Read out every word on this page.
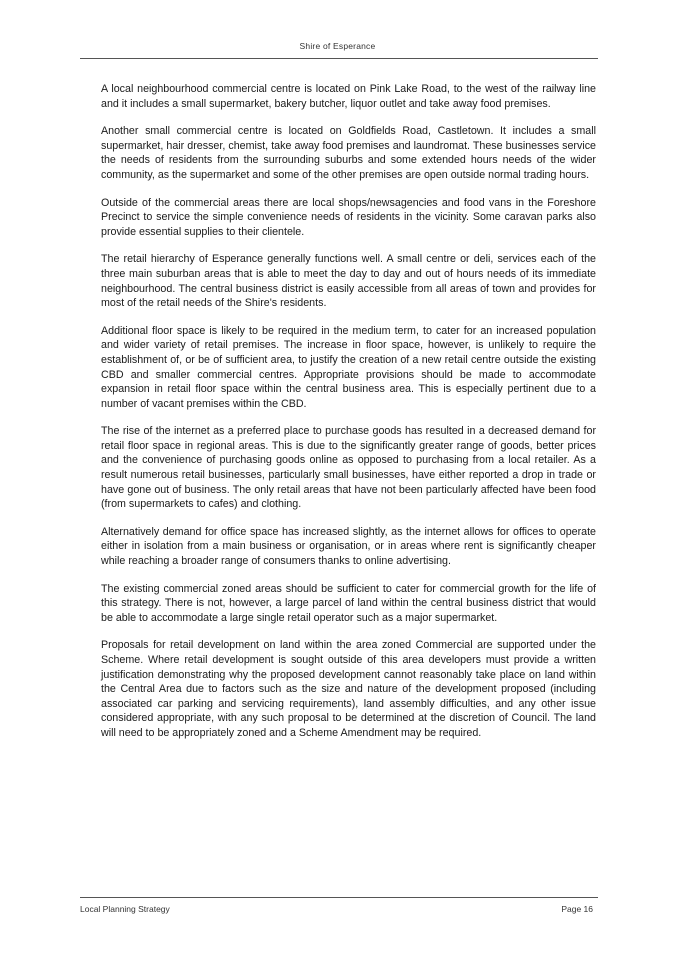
Shire of Esperance

A local neighbourhood commercial centre is located on Pink Lake Road, to the west of the railway line and it includes a small supermarket, bakery butcher, liquor outlet and take away food premises.

Another small commercial centre is located on Goldfields Road, Castletown. It includes a small supermarket, hair dresser, chemist, take away food premises and laundromat. These businesses service the needs of residents from the surrounding suburbs and some extended hours needs of the wider community, as the supermarket and some of the other premises are open outside normal trading hours.

Outside of the commercial areas there are local shops/newsagencies and food vans in the Foreshore Precinct to service the simple convenience needs of residents in the vicinity. Some caravan parks also provide essential supplies to their clientele.

The retail hierarchy of Esperance generally functions well. A small centre or deli, services each of the three main suburban areas that is able to meet the day to day and out of hours needs of its immediate neighbourhood. The central business district is easily accessible from all areas of town and provides for most of the retail needs of the Shire's residents.

Additional floor space is likely to be required in the medium term, to cater for an increased population and wider variety of retail premises. The increase in floor space, however, is unlikely to require the establishment of, or be of sufficient area, to justify the creation of a new retail centre outside the existing CBD and smaller commercial centres. Appropriate provisions should be made to accommodate expansion in retail floor space within the central business area. This is especially pertinent due to a number of vacant premises within the CBD.

The rise of the internet as a preferred place to purchase goods has resulted in a decreased demand for retail floor space in regional areas. This is due to the significantly greater range of goods, better prices and the convenience of purchasing goods online as opposed to purchasing from a local retailer. As a result numerous retail businesses, particularly small businesses, have either reported a drop in trade or have gone out of business. The only retail areas that have not been particularly affected have been food (from supermarkets to cafes) and clothing.

Alternatively demand for office space has increased slightly, as the internet allows for offices to operate either in isolation from a main business or organisation, or in areas where rent is significantly cheaper while reaching a broader range of consumers thanks to online advertising.

The existing commercial zoned areas should be sufficient to cater for commercial growth for the life of this strategy. There is not, however, a large parcel of land within the central business district that would be able to accommodate a large single retail operator such as a major supermarket.

Proposals for retail development on land within the area zoned Commercial are supported under the Scheme. Where retail development is sought outside of this area developers must provide a written justification demonstrating why the proposed development cannot reasonably take place on land within the Central Area due to factors such as the size and nature of the development proposed (including associated car parking and servicing requirements), land assembly difficulties, and any other issue considered appropriate, with any such proposal to be determined at the discretion of Council. The land will need to be appropriately zoned and a Scheme Amendment may be required.

Local Planning Strategy	Page 16
